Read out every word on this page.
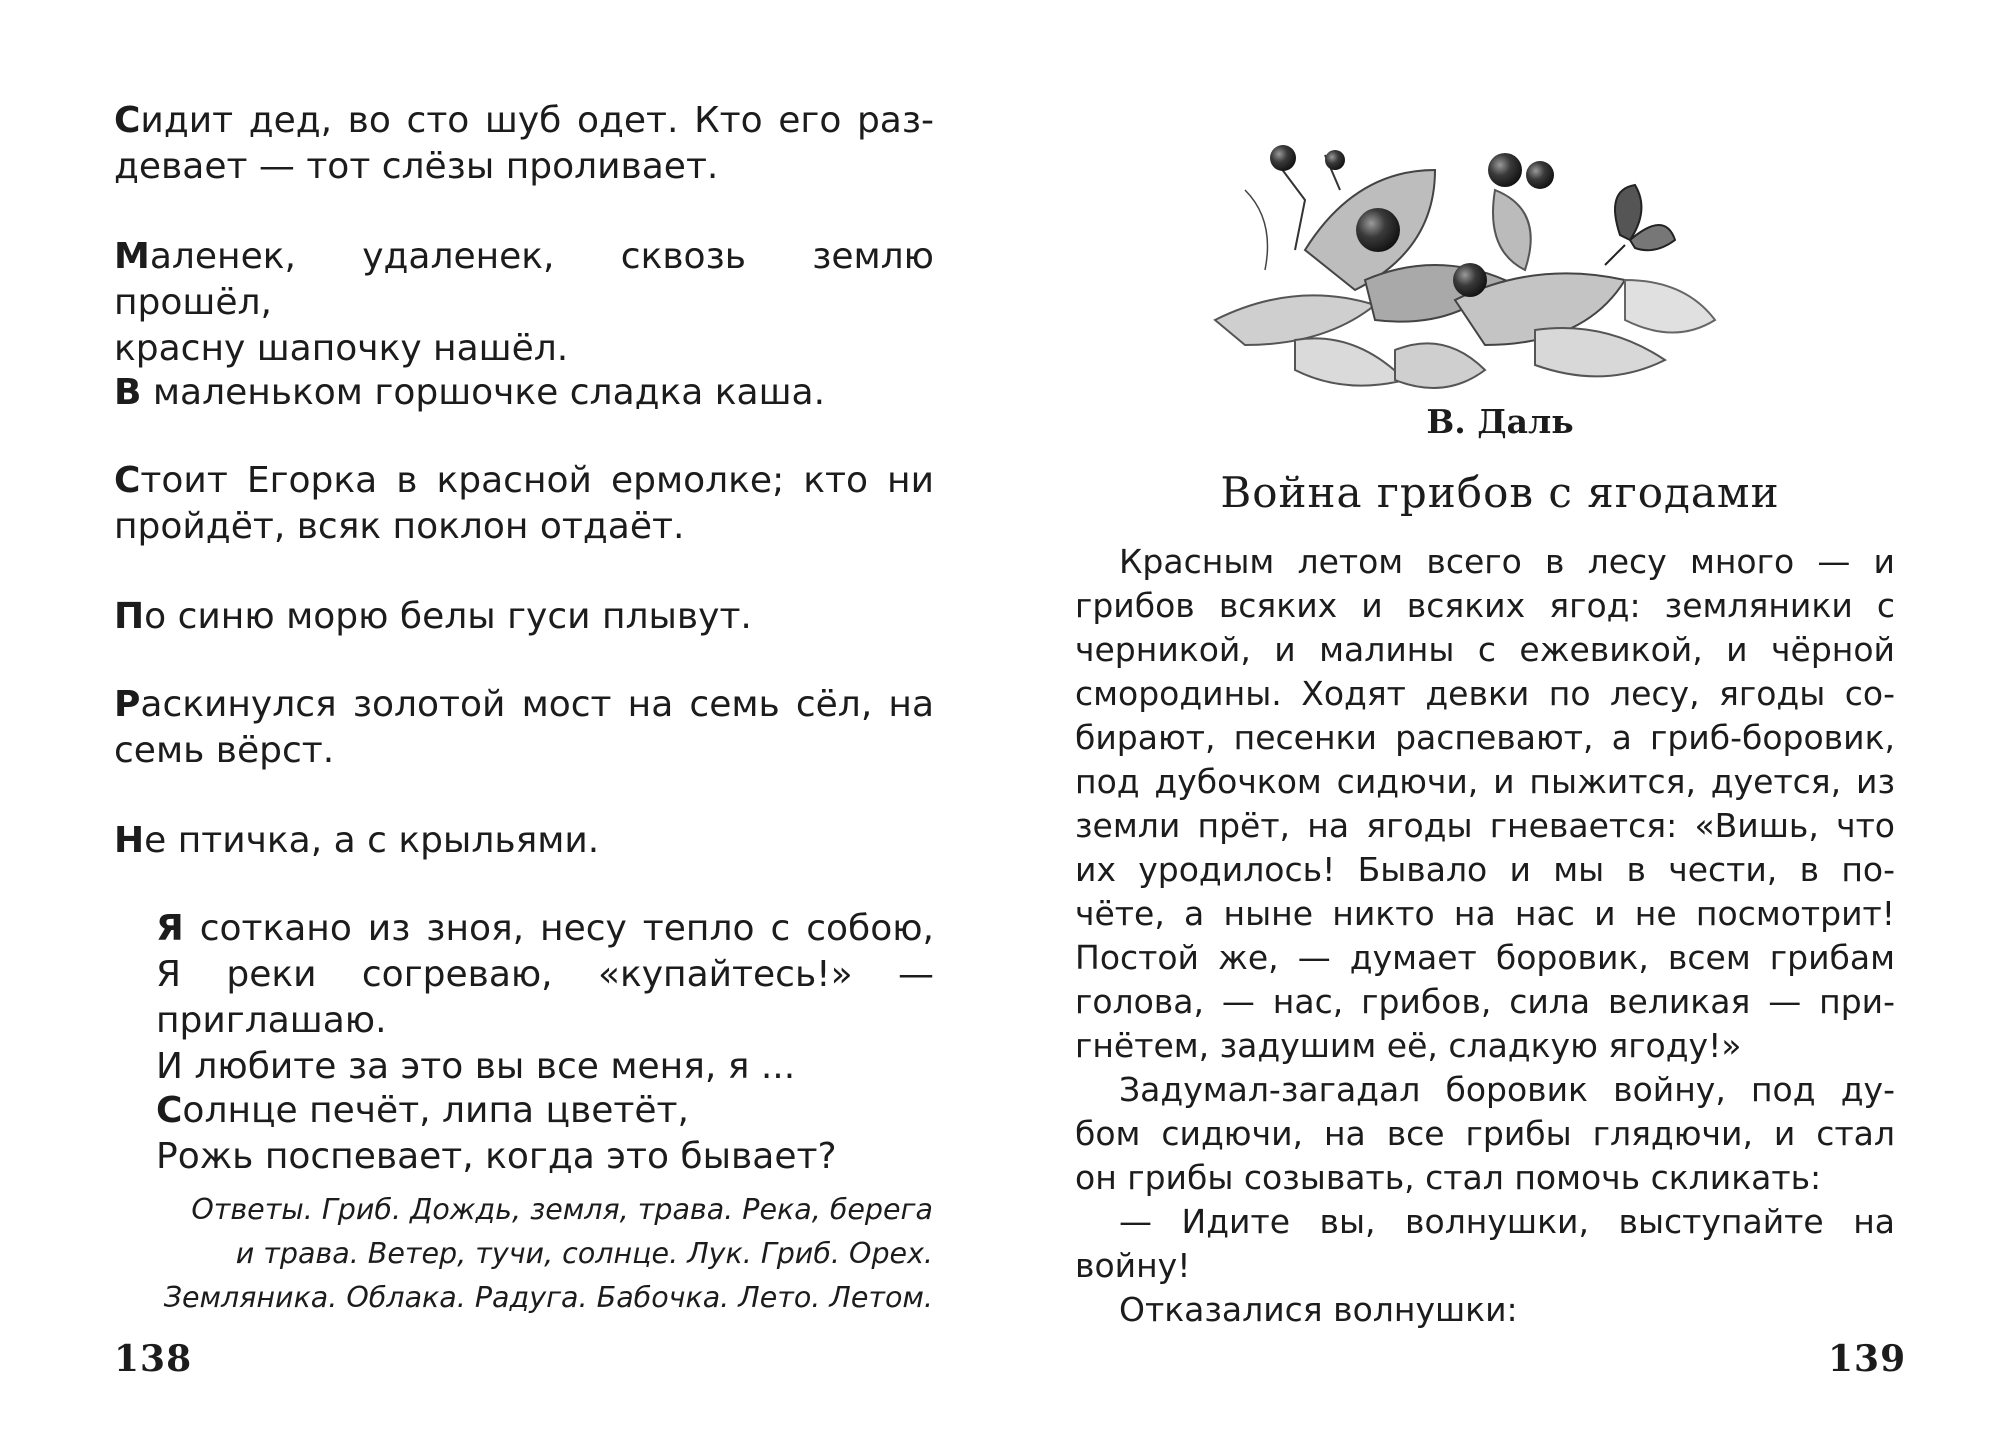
Сидит дед, во сто шуб одет. Кто его раз-

девает — тот слёзы проливает.

Маленек, удаленек, сквозь землю прошёл,

красну шапочку нашёл.

В маленьком горшочке сладка каша.

Стоит Егорка в красной ермолке; кто ни

пройдёт, всяк поклон отдаёт.

По синю морю белы гуси плывут.

Раскинулся золотой мост на семь сёл, на

семь вёрст.

Не птичка, а с крыльями.

Я соткано из зноя, несу тепло с собою,

Я реки согреваю, «купайтесь!» — приглашаю.

И любите за это вы все меня, я ...

Солнце печёт, липа цветёт,

Рожь поспевает, когда это бывает?

Ответы. Гриб. Дождь, земля, трава. Река, берега
и трава. Ветер, тучи, солнце. Лук. Гриб. Орех.
Земляника. Облака. Радуга. Бабочка. Лето. Летом.
138
В. Даль
Война грибов с ягодами
Красным летом всего в лесу много — и
грибов всяких и всяких ягод: земляники с
черникой, и малины с ежевикой, и чёрной
смородины. Ходят девки по лесу, ягоды со-
бирают, песенки распевают, а гриб-боровик,
под дубочком сидючи, и пыжится, дуется, из
земли прёт, на ягоды гневается: «Вишь, что
их уродилось! Бывало и мы в чести, в по-
чёте, а ныне никто на нас и не посмотрит!
Постой же, — думает боровик, всем грибам
голова, — нас, грибов, сила великая — при-
гнётем, задушим её, сладкую ягоду!»
Задумал-загадал боровик войну, под ду-
бом сидючи, на все грибы глядючи, и стал
он грибы созывать, стал помочь скликать:
— Идите вы, волнушки, выступайте на
войну!
Отказалися волнушки:
139
